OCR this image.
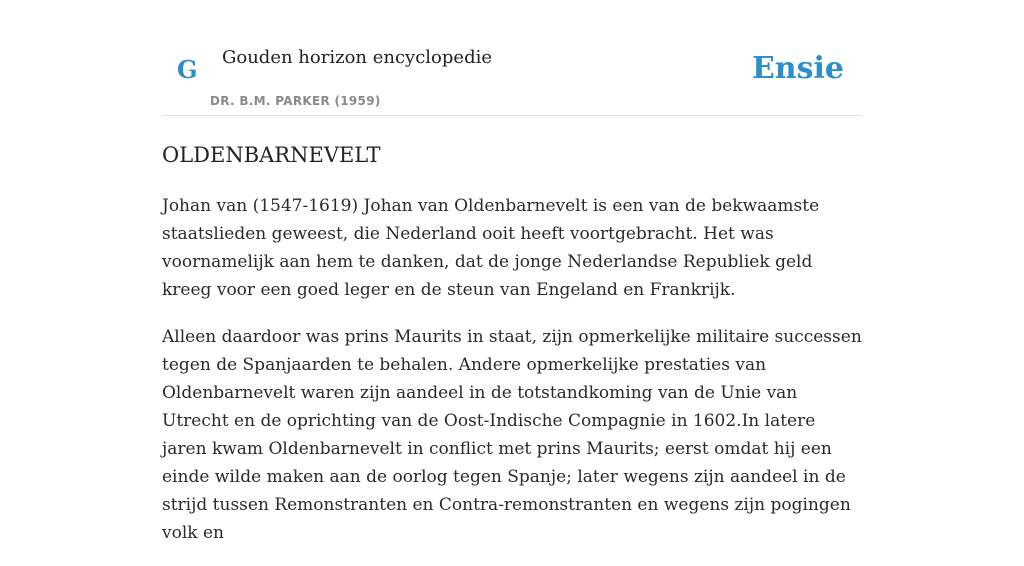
G Gouden horizon encyclopedie
DR. B.M. PARKER (1959)
Ensie
OLDENBARNEVELT

Johan van (1547-1619) Johan van Oldenbarnevelt is een van de bekwaamste staatslieden geweest, die Nederland ooit heeft voortgebracht. Het was voornamelijk aan hem te danken, dat de jonge Nederlandse Republiek geld kreeg voor een goed leger en de steun van Engeland en Frankrijk.

Alleen daardoor was prins Maurits in staat, zijn opmerkelijke militaire successen tegen de Spanjaarden te behalen. Andere opmerkelijke prestaties van Oldenbarnevelt waren zijn aandeel in de totstandkoming van de Unie van Utrecht en de oprichting van de Oost-Indische Compagnie in 1602.In latere jaren kwam Oldenbarnevelt in conflict met prins Maurits; eerst omdat hij een einde wilde maken aan de oorlog tegen Spanje; later wegens zijn aandeel in de strijd tussen Remonstranten en Contra-remonstranten en wegens zijn pogingen volk en
